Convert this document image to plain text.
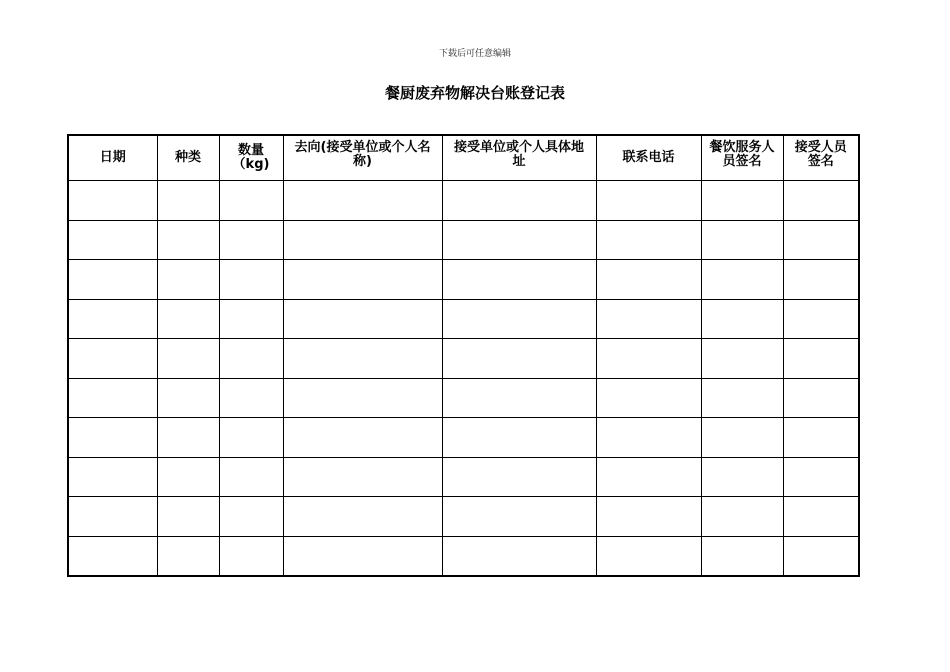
下载后可任意编辑
餐厨废弃物解决台账登记表
日期	种类	数量（kg)	去向(接受单位或个人名称)	接受单位或个人具体地址	联系电话	餐饮服务人员签名	接受人员签名
